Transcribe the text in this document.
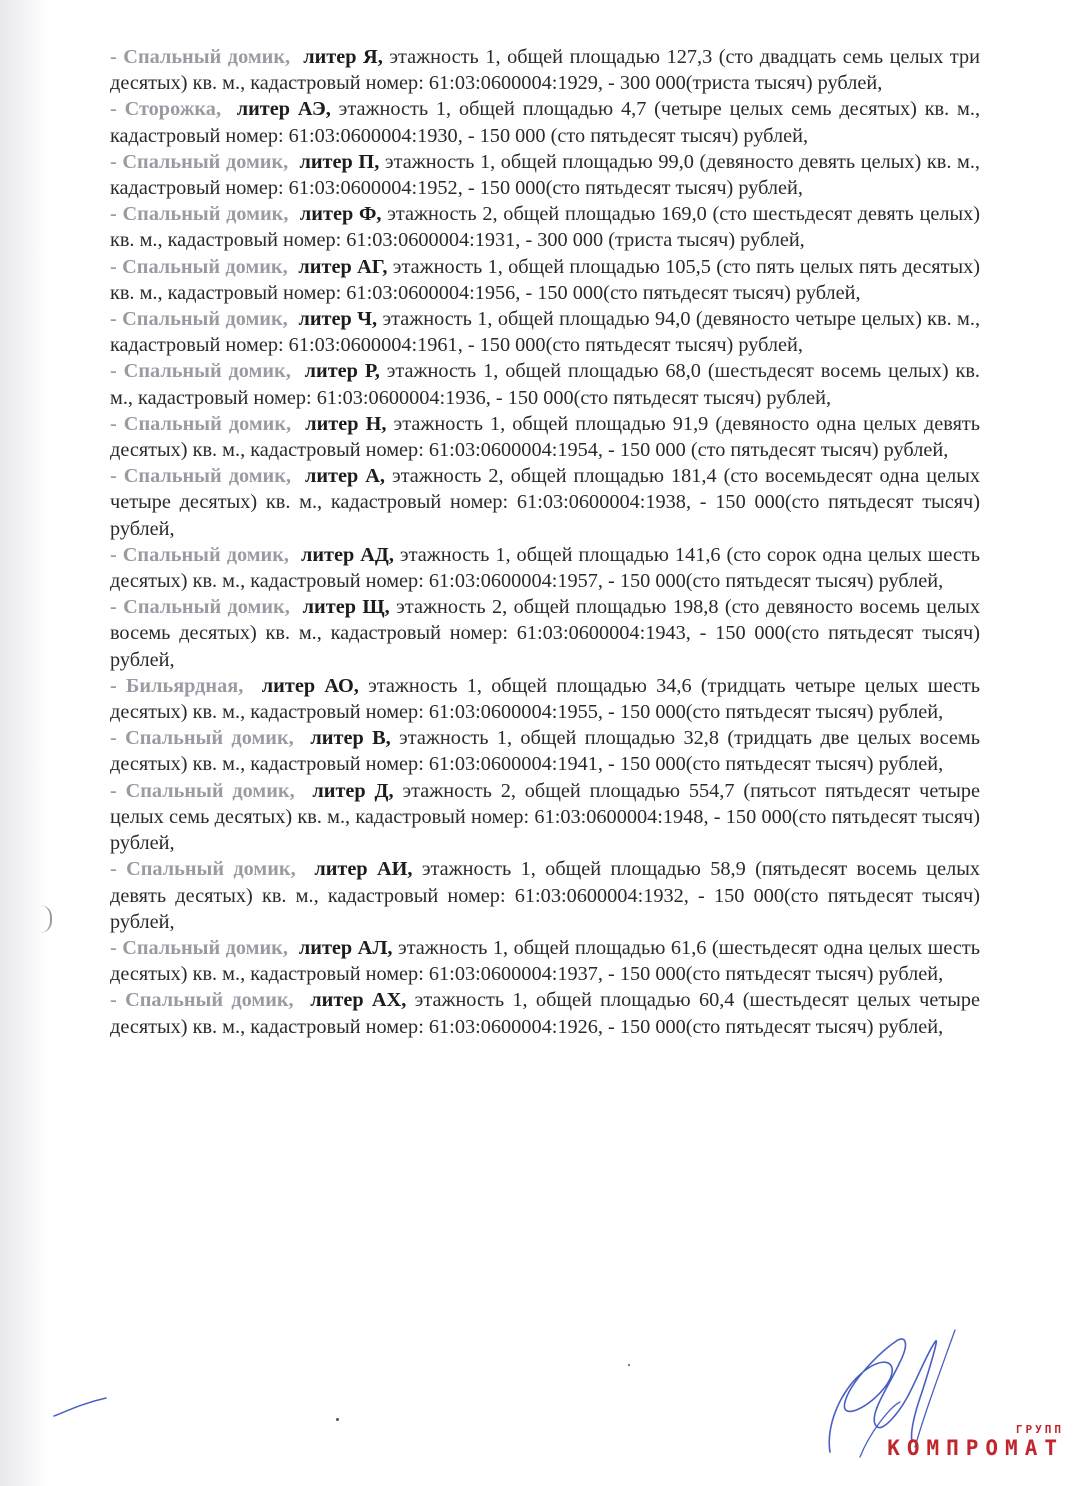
- Спальный домик, литер Я, этажность 1, общей площадью 127,3 (сто двадцать семь целых три десятых) кв. м., кадастровый номер: 61:03:0600004:1929, - 300 000(триста тысяч) рублей,

- Сторожка, литер АЭ, этажность 1, общей площадью 4,7 (четыре целых семь десятых) кв. м., кадастровый номер: 61:03:0600004:1930, - 150 000 (сто пятьдесят тысяч) рублей,

- Спальный домик, литер П, этажность 1, общей площадью 99,0 (девяносто девять целых) кв. м., кадастровый номер: 61:03:0600004:1952, - 150 000(сто пятьдесят тысяч) рублей,

- Спальный домик, литер Ф, этажность 2, общей площадью 169,0 (сто шестьдесят девять целых) кв. м., кадастровый номер: 61:03:0600004:1931, - 300 000 (триста тысяч) рублей,

- Спальный домик, литер АГ, этажность 1, общей площадью 105,5 (сто пять целых пять десятых) кв. м., кадастровый номер: 61:03:0600004:1956, - 150 000(сто пятьдесят тысяч) рублей,

- Спальный домик, литер Ч, этажность 1, общей площадью 94,0 (девяносто четыре целых) кв. м., кадастровый номер: 61:03:0600004:1961, - 150 000(сто пятьдесят тысяч) рублей,

- Спальный домик, литер Р, этажность 1, общей площадью 68,0 (шестьдесят восемь целых) кв. м., кадастровый номер: 61:03:0600004:1936, - 150 000(сто пятьдесят тысяч) рублей,

- Спальный домик, литер Н, этажность 1, общей площадью 91,9 (девяносто одна целых девять десятых) кв. м., кадастровый номер: 61:03:0600004:1954, - 150 000 (сто пятьдесят тысяч) рублей,

- Спальный домик, литер А, этажность 2, общей площадью 181,4 (сто восемьдесят одна целых четыре десятых) кв. м., кадастровый номер: 61:03:0600004:1938, - 150 000(сто пятьдесят тысяч) рублей,

- Спальный домик, литер АД, этажность 1, общей площадью 141,6 (сто сорок одна целых шесть десятых) кв. м., кадастровый номер: 61:03:0600004:1957, - 150 000(сто пятьдесят тысяч) рублей,

- Спальный домик, литер Щ, этажность 2, общей площадью 198,8 (сто девяносто восемь целых восемь десятых) кв. м., кадастровый номер: 61:03:0600004:1943, - 150 000(сто пятьдесят тысяч) рублей,

- Бильярдная, литер АО, этажность 1, общей площадью 34,6 (тридцать четыре целых шесть десятых) кв. м., кадастровый номер: 61:03:0600004:1955, - 150 000(сто пятьдесят тысяч) рублей,

- Спальный домик, литер В, этажность 1, общей площадью 32,8 (тридцать две целых восемь десятых) кв. м., кадастровый номер: 61:03:0600004:1941, - 150 000(сто пятьдесят тысяч) рублей,

- Спальный домик, литер Д, этажность 2, общей площадью 554,7 (пятьсот пятьдесят четыре целых семь десятых) кв. м., кадастровый номер: 61:03:0600004:1948, - 150 000(сто пятьдесят тысяч) рублей,

- Спальный домик, литер АИ, этажность 1, общей площадью 58,9 (пятьдесят восемь целых девять десятых) кв. м., кадастровый номер: 61:03:0600004:1932, - 150 000(сто пятьдесят тысяч) рублей,

- Спальный домик, литер АЛ, этажность 1, общей площадью 61,6 (шестьдесят одна целых шесть десятых) кв. м., кадастровый номер: 61:03:0600004:1937, - 150 000(сто пятьдесят тысяч) рублей,

- Спальный домик, литер АХ, этажность 1, общей площадью 60,4 (шестьдесят целых четыре десятых) кв. м., кадастровый номер: 61:03:0600004:1926, - 150 000(сто пятьдесят тысяч) рублей,

ГРУПП
КОМПРОМАТ
